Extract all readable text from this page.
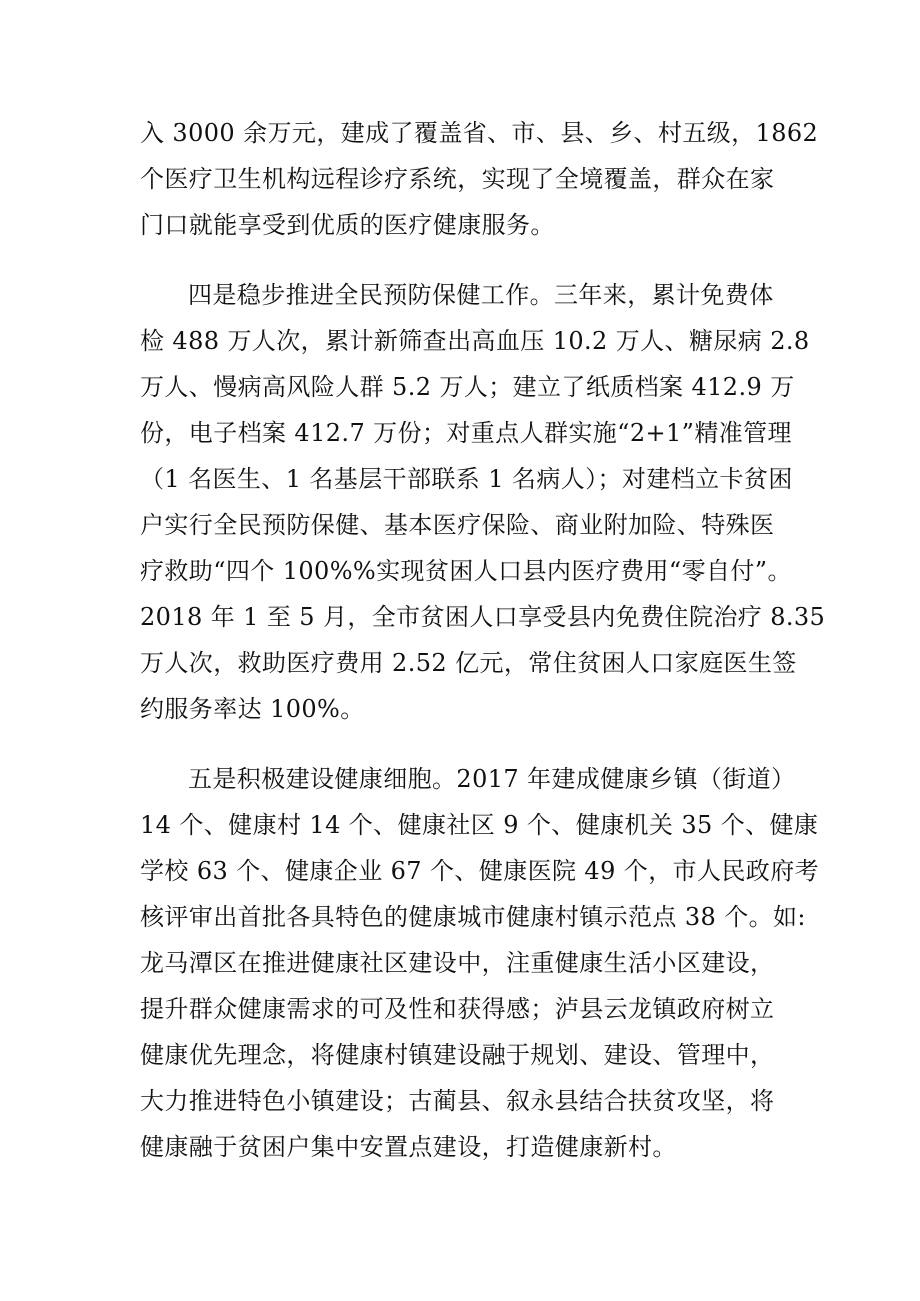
入 3000 余万元，建成了覆盖省、市、县、乡、村五级，1862
个医疗卫生机构远程诊疗系统，实现了全境覆盖，群众在家
门口就能享受到优质的医疗健康服务。
四是稳步推进全民预防保健工作。三年来，累计免费体
检 488 万人次，累计新筛查出高血压 10.2 万人、糖尿病 2.8
万人、慢病高风险人群 5.2 万人；建立了纸质档案 412.9 万
份，电子档案 412.7 万份；对重点人群实施“2+1”精准管理
（1 名医生、1 名基层干部联系 1 名病人）；对建档立卡贫困
户实行全民预防保健、基本医疗保险、商业附加险、特殊医
疗救助“四个 100%%实现贫困人口县内医疗费用“零自付”。
2018 年 1 至 5 月，全市贫困人口享受县内免费住院治疗 8.35
万人次，救助医疗费用 2.52 亿元，常住贫困人口家庭医生签
约服务率达 100%。
五是积极建设健康细胞。2017 年建成健康乡镇（街道）
14 个、健康村 14 个、健康社区 9 个、健康机关 35 个、健康
学校 63 个、健康企业 67 个、健康医院 49 个，市人民政府考
核评审出首批各具特色的健康城市健康村镇示范点 38 个。如:
龙马潭区在推进健康社区建设中，注重健康生活小区建设，
提升群众健康需求的可及性和获得感；泸县云龙镇政府树立
健康优先理念，将健康村镇建设融于规划、建设、管理中，
大力推进特色小镇建设；古蔺县、叙永县结合扶贫攻坚，将
健康融于贫困户集中安置点建设，打造健康新村。
